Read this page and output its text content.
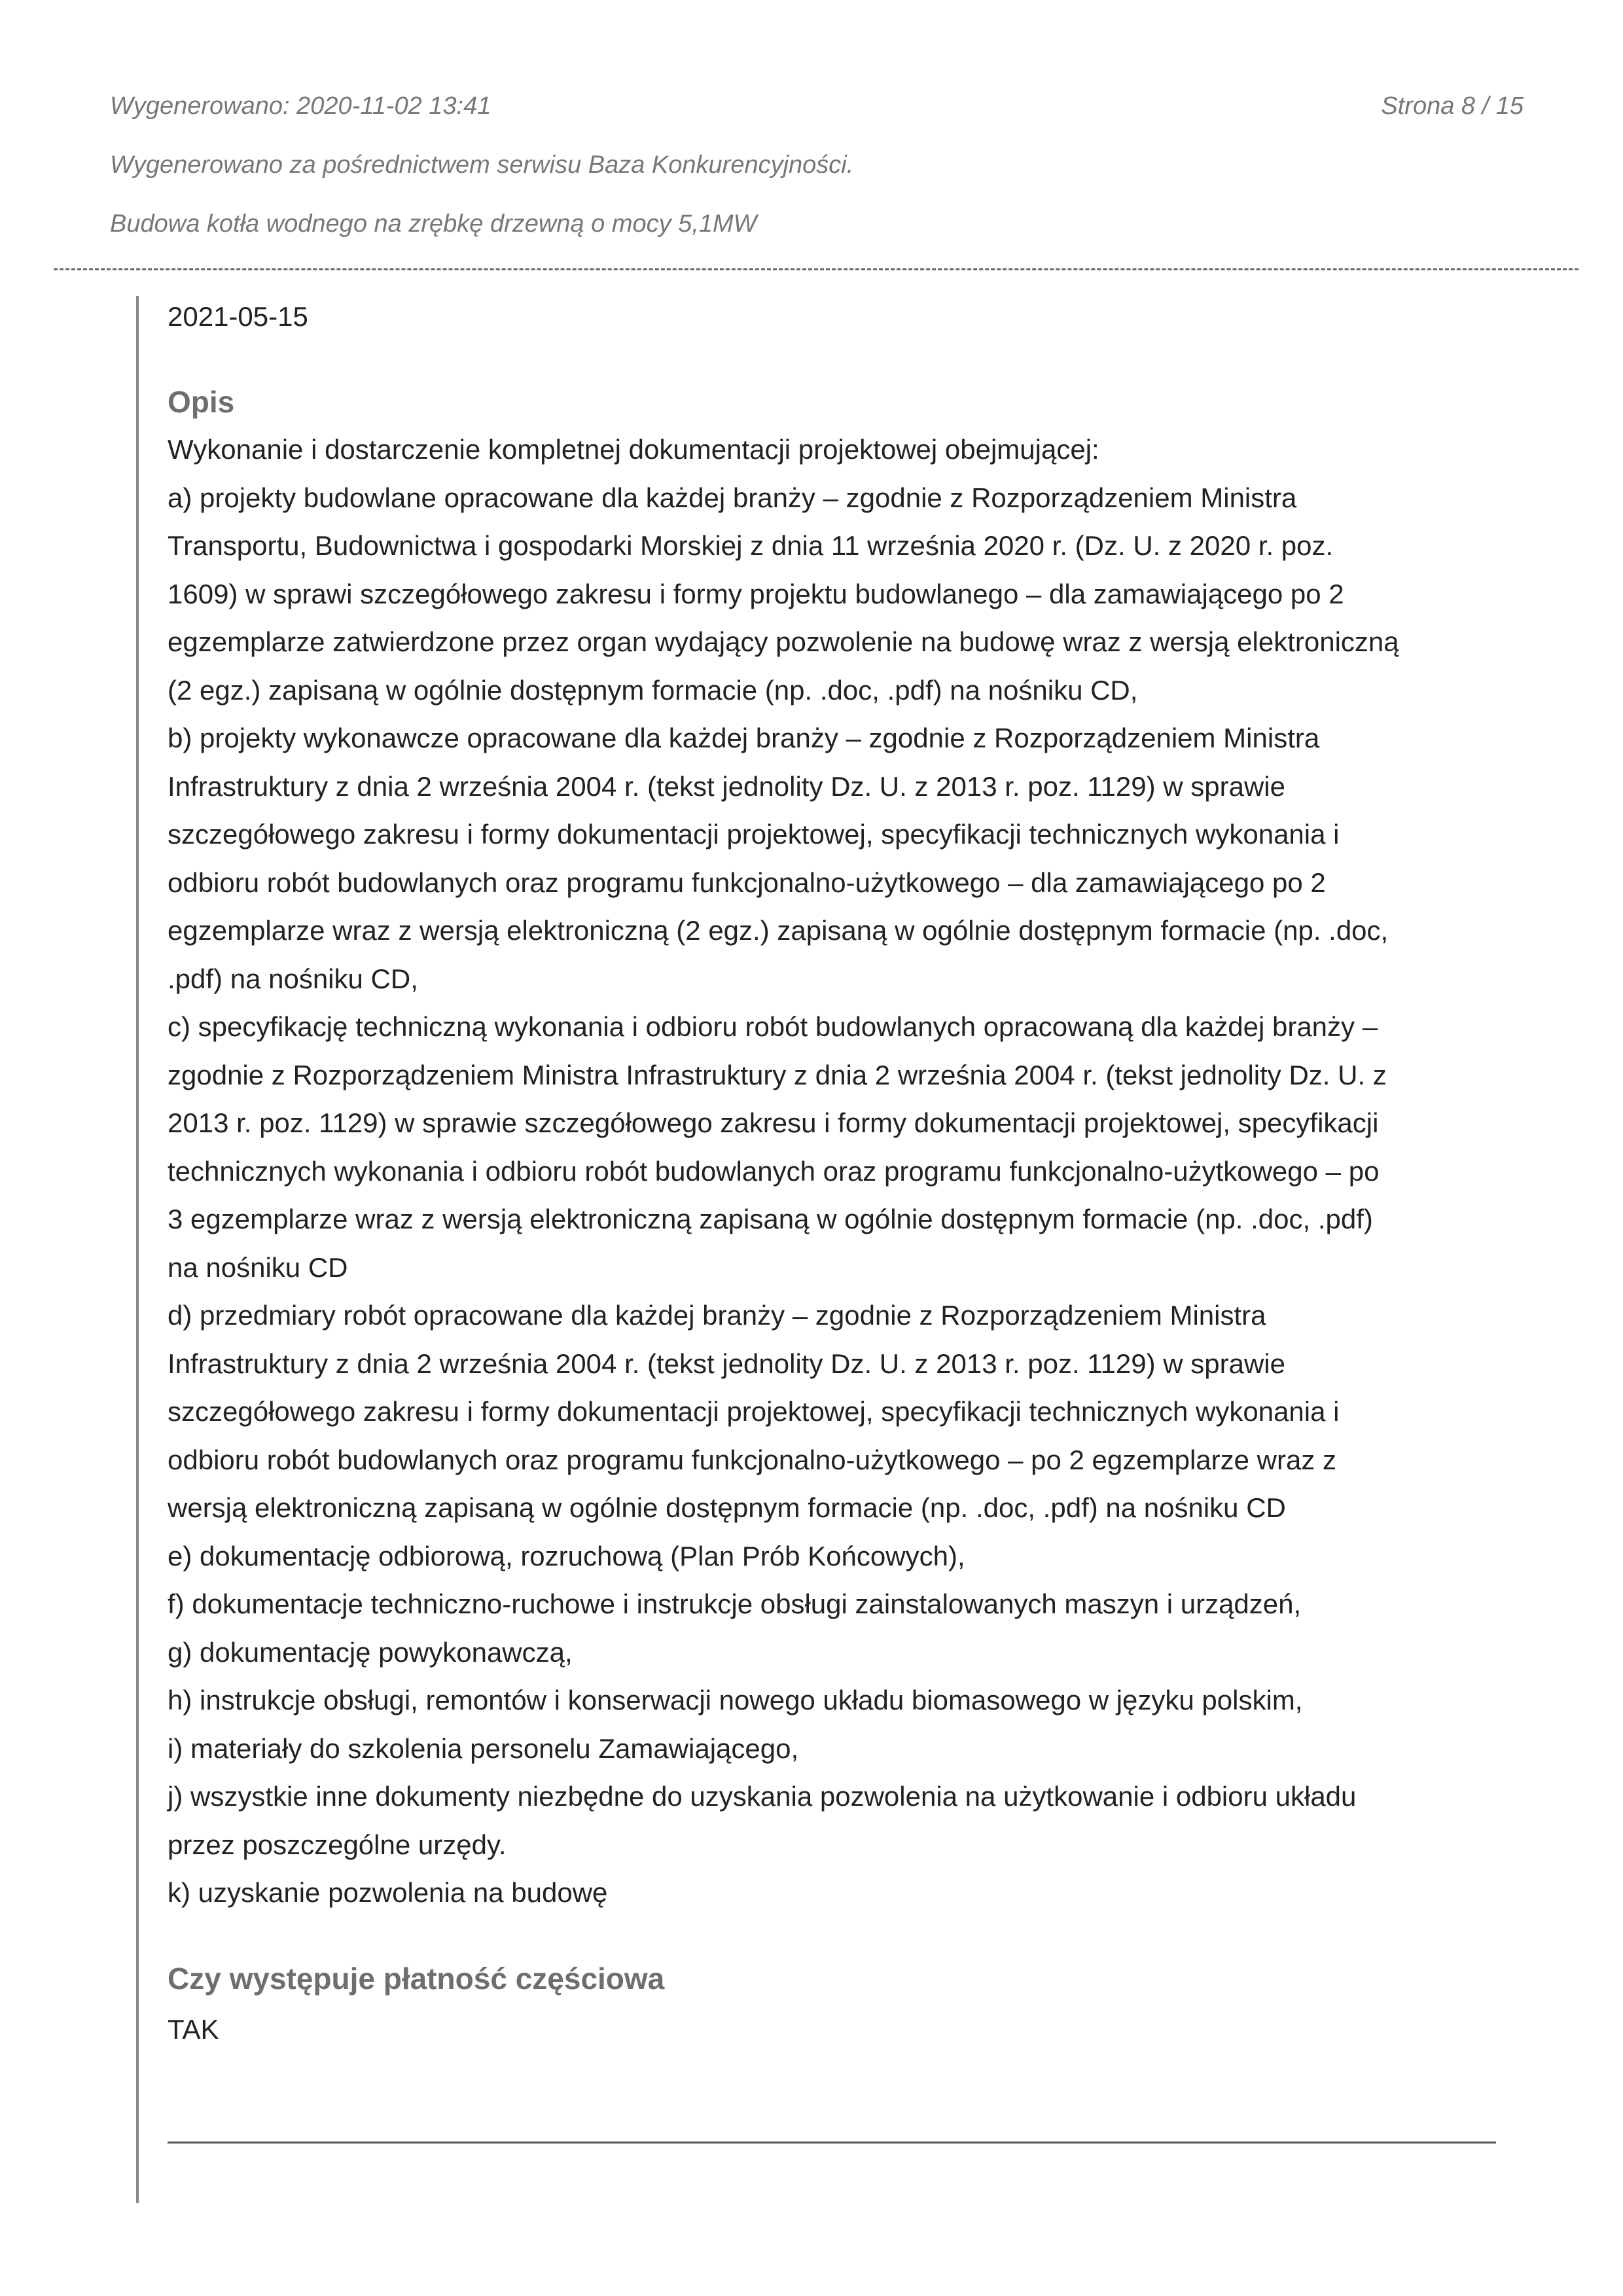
Wygenerowano: 2020-11-02 13:41	Strona 8 / 15
Wygenerowano za pośrednictwem serwisu Baza Konkurencyjności.
Budowa kotła wodnego na zrębkę drzewną o mocy 5,1MW

2021-05-15

Opis

Wykonanie i dostarczenie kompletnej dokumentacji projektowej obejmującej:

a) projekty budowlane opracowane dla każdej branży – zgodnie z Rozporządzeniem Ministra

Transportu, Budownictwa i gospodarki Morskiej z dnia 11 września 2020 r. (Dz. U. z 2020 r. poz.

1609) w sprawi szczegółowego zakresu i formy projektu budowlanego – dla zamawiającego po 2

egzemplarze zatwierdzone przez organ wydający pozwolenie na budowę wraz z wersją elektroniczną

(2 egz.) zapisaną w ogólnie dostępnym formacie (np. .doc, .pdf) na nośniku CD,

b) projekty wykonawcze opracowane dla każdej branży – zgodnie z Rozporządzeniem Ministra

Infrastruktury z dnia 2 września 2004 r. (tekst jednolity Dz. U. z 2013 r. poz. 1129) w sprawie

szczegółowego zakresu i formy dokumentacji projektowej, specyfikacji technicznych wykonania i

odbioru robót budowlanych oraz programu funkcjonalno-użytkowego – dla zamawiającego po 2

egzemplarze wraz z wersją elektroniczną (2 egz.) zapisaną w ogólnie dostępnym formacie (np. .doc,

.pdf) na nośniku CD,

c) specyfikację techniczną wykonania i odbioru robót budowlanych opracowaną dla każdej branży –

zgodnie z Rozporządzeniem Ministra Infrastruktury z dnia 2 września 2004 r. (tekst jednolity Dz. U. z

2013 r. poz. 1129) w sprawie szczegółowego zakresu i formy dokumentacji projektowej, specyfikacji

technicznych wykonania i odbioru robót budowlanych oraz programu funkcjonalno-użytkowego – po

3 egzemplarze wraz z wersją elektroniczną zapisaną w ogólnie dostępnym formacie (np. .doc, .pdf)

na nośniku CD

d) przedmiary robót opracowane dla każdej branży – zgodnie z Rozporządzeniem Ministra

Infrastruktury z dnia 2 września 2004 r. (tekst jednolity Dz. U. z 2013 r. poz. 1129) w sprawie

szczegółowego zakresu i formy dokumentacji projektowej, specyfikacji technicznych wykonania i

odbioru robót budowlanych oraz programu funkcjonalno-użytkowego – po 2 egzemplarze wraz z

wersją elektroniczną zapisaną w ogólnie dostępnym formacie (np. .doc, .pdf) na nośniku CD

e) dokumentację odbiorową, rozruchową (Plan Prób Końcowych),

f) dokumentacje techniczno-ruchowe i instrukcje obsługi zainstalowanych maszyn i urządzeń,

g) dokumentację powykonawczą,

h) instrukcje obsługi, remontów i konserwacji nowego układu biomasowego w języku polskim,

i) materiały do szkolenia personelu Zamawiającego,

j) wszystkie inne dokumenty niezbędne do uzyskania pozwolenia na użytkowanie i odbioru układu

przez poszczególne urzędy.

k) uzyskanie pozwolenia na budowę

Czy występuje płatność częściowa

TAK
